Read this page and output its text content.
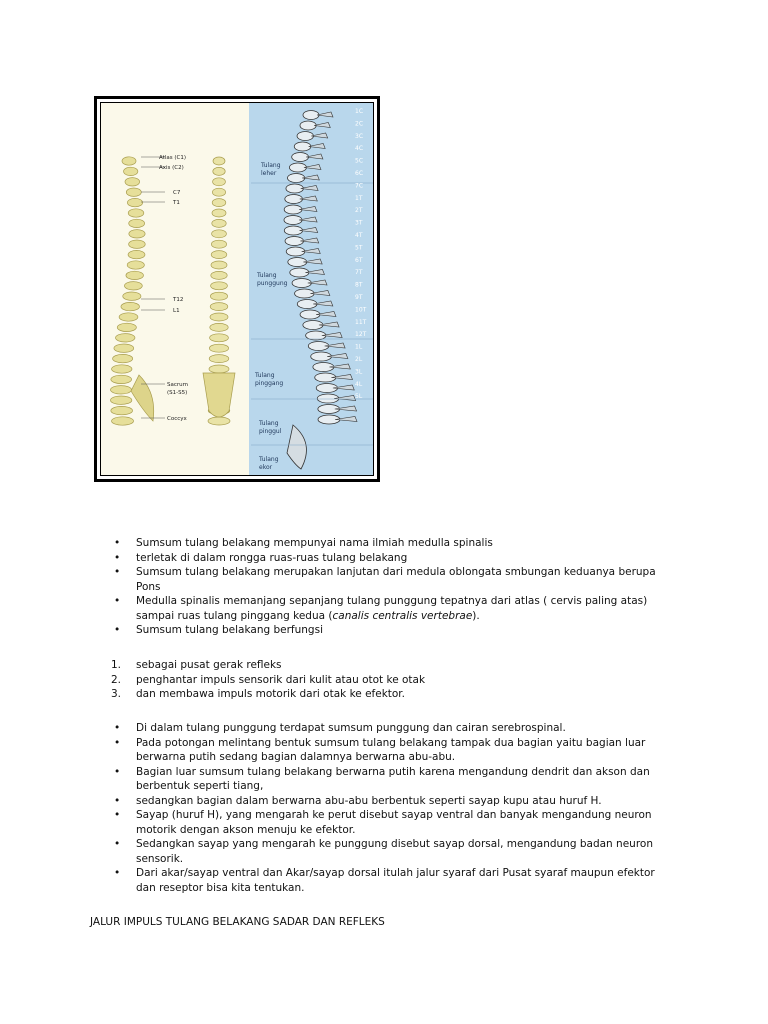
Atlas (C1)
Axis (C2)
C7
T1
T12
L1
Sacrum
(S1-S5)
Coccyx
Tulang
leher
Tulang
punggung
Tulang
pinggang
Tulang
pinggul
Tulang
ekor
1C
2C
3C
4C
5C
6C
7C
1T
2T
3T
4T
5T
6T
7T
8T
9T
10T
11T
12T
1L
2L
3L
4L
5L
• Sumsum tulang belakang mempunyai nama ilmiah medulla spinalis
• terletak di dalam rongga ruas-ruas tulang belakang
• Sumsum tulang belakang merupakan lanjutan dari medula oblongata smbungan keduanya berupa Pons
• Medulla spinalis memanjang sepanjang tulang punggung tepatnya dari atlas ( cervis paling atas) sampai ruas tulang pinggang kedua (canalis centralis vertebrae).
• Sumsum tulang belakang berfungsi
1. sebagai pusat gerak refleks
2. penghantar impuls sensorik dari kulit atau otot ke otak
3. dan membawa impuls motorik dari otak ke efektor.
• Di dalam tulang punggung terdapat sumsum punggung dan cairan serebrospinal.
• Pada potongan melintang bentuk sumsum tulang belakang tampak dua bagian yaitu bagian luar berwarna putih sedang bagian dalamnya berwarna abu-abu.
• Bagian luar sumsum tulang belakang berwarna putih karena mengandung dendrit dan akson dan berbentuk seperti tiang,
• sedangkan bagian dalam berwarna abu-abu berbentuk seperti sayap kupu atau huruf H.
• Sayap (huruf H), yang mengarah ke perut disebut sayap ventral dan banyak mengandung neuron motorik dengan akson menuju ke efektor.
• Sedangkan sayap yang mengarah ke punggung disebut sayap dorsal, mengandung badan neuron sensorik.
• Dari akar/sayap ventral dan Akar/sayap dorsal itulah jalur syaraf dari Pusat syaraf maupun efektor dan reseptor bisa kita tentukan.
JALUR IMPULS TULANG BELAKANG SADAR DAN REFLEKS
